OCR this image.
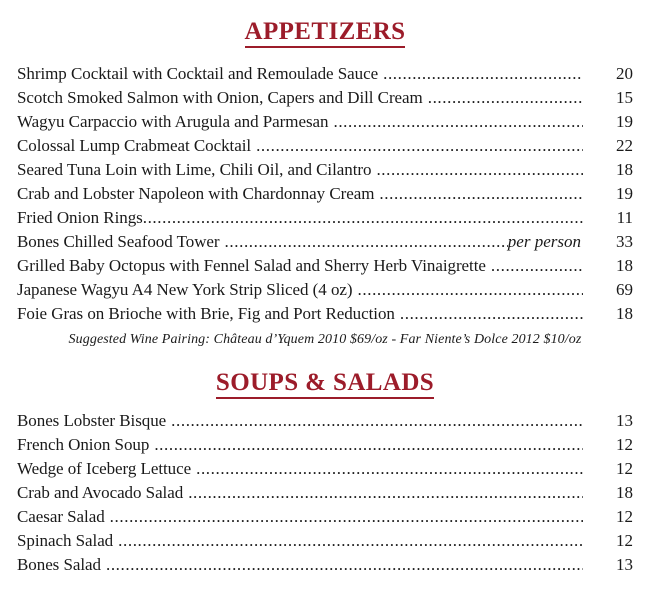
APPETIZERS
Shrimp Cocktail with Cocktail and Remoulade Sauce .....	20
Scotch Smoked Salmon with Onion, Capers and Dill Cream .....	15
Wagyu Carpaccio with Arugula and Parmesan .....	19
Colossal Lump Crabmeat Cocktail .....	22
Seared Tuna Loin with Lime, Chili Oil, and Cilantro .....	18
Crab and Lobster Napoleon with Chardonnay Cream .....	19
Fried Onion Rings .....	11
Bones Chilled Seafood Tower .....	per person	33
Grilled Baby Octopus with Fennel Salad and Sherry Herb Vinaigrette .....	18
Japanese Wagyu A4 New York Strip Sliced (4 oz) .....	69
Foie Gras on Brioche with Brie, Fig and Port Reduction .....	18
Suggested Wine Pairing: Château d’Yquem 2010 $69/oz - Far Niente’s Dolce 2012 $10/oz
SOUPS & SALADS
Bones Lobster Bisque .....	13
French Onion Soup .....	12
Wedge of Iceberg Lettuce .....	12
Crab and Avocado Salad .....	18
Caesar Salad .....	12
Spinach Salad .....	12
Bones Salad .....	13
